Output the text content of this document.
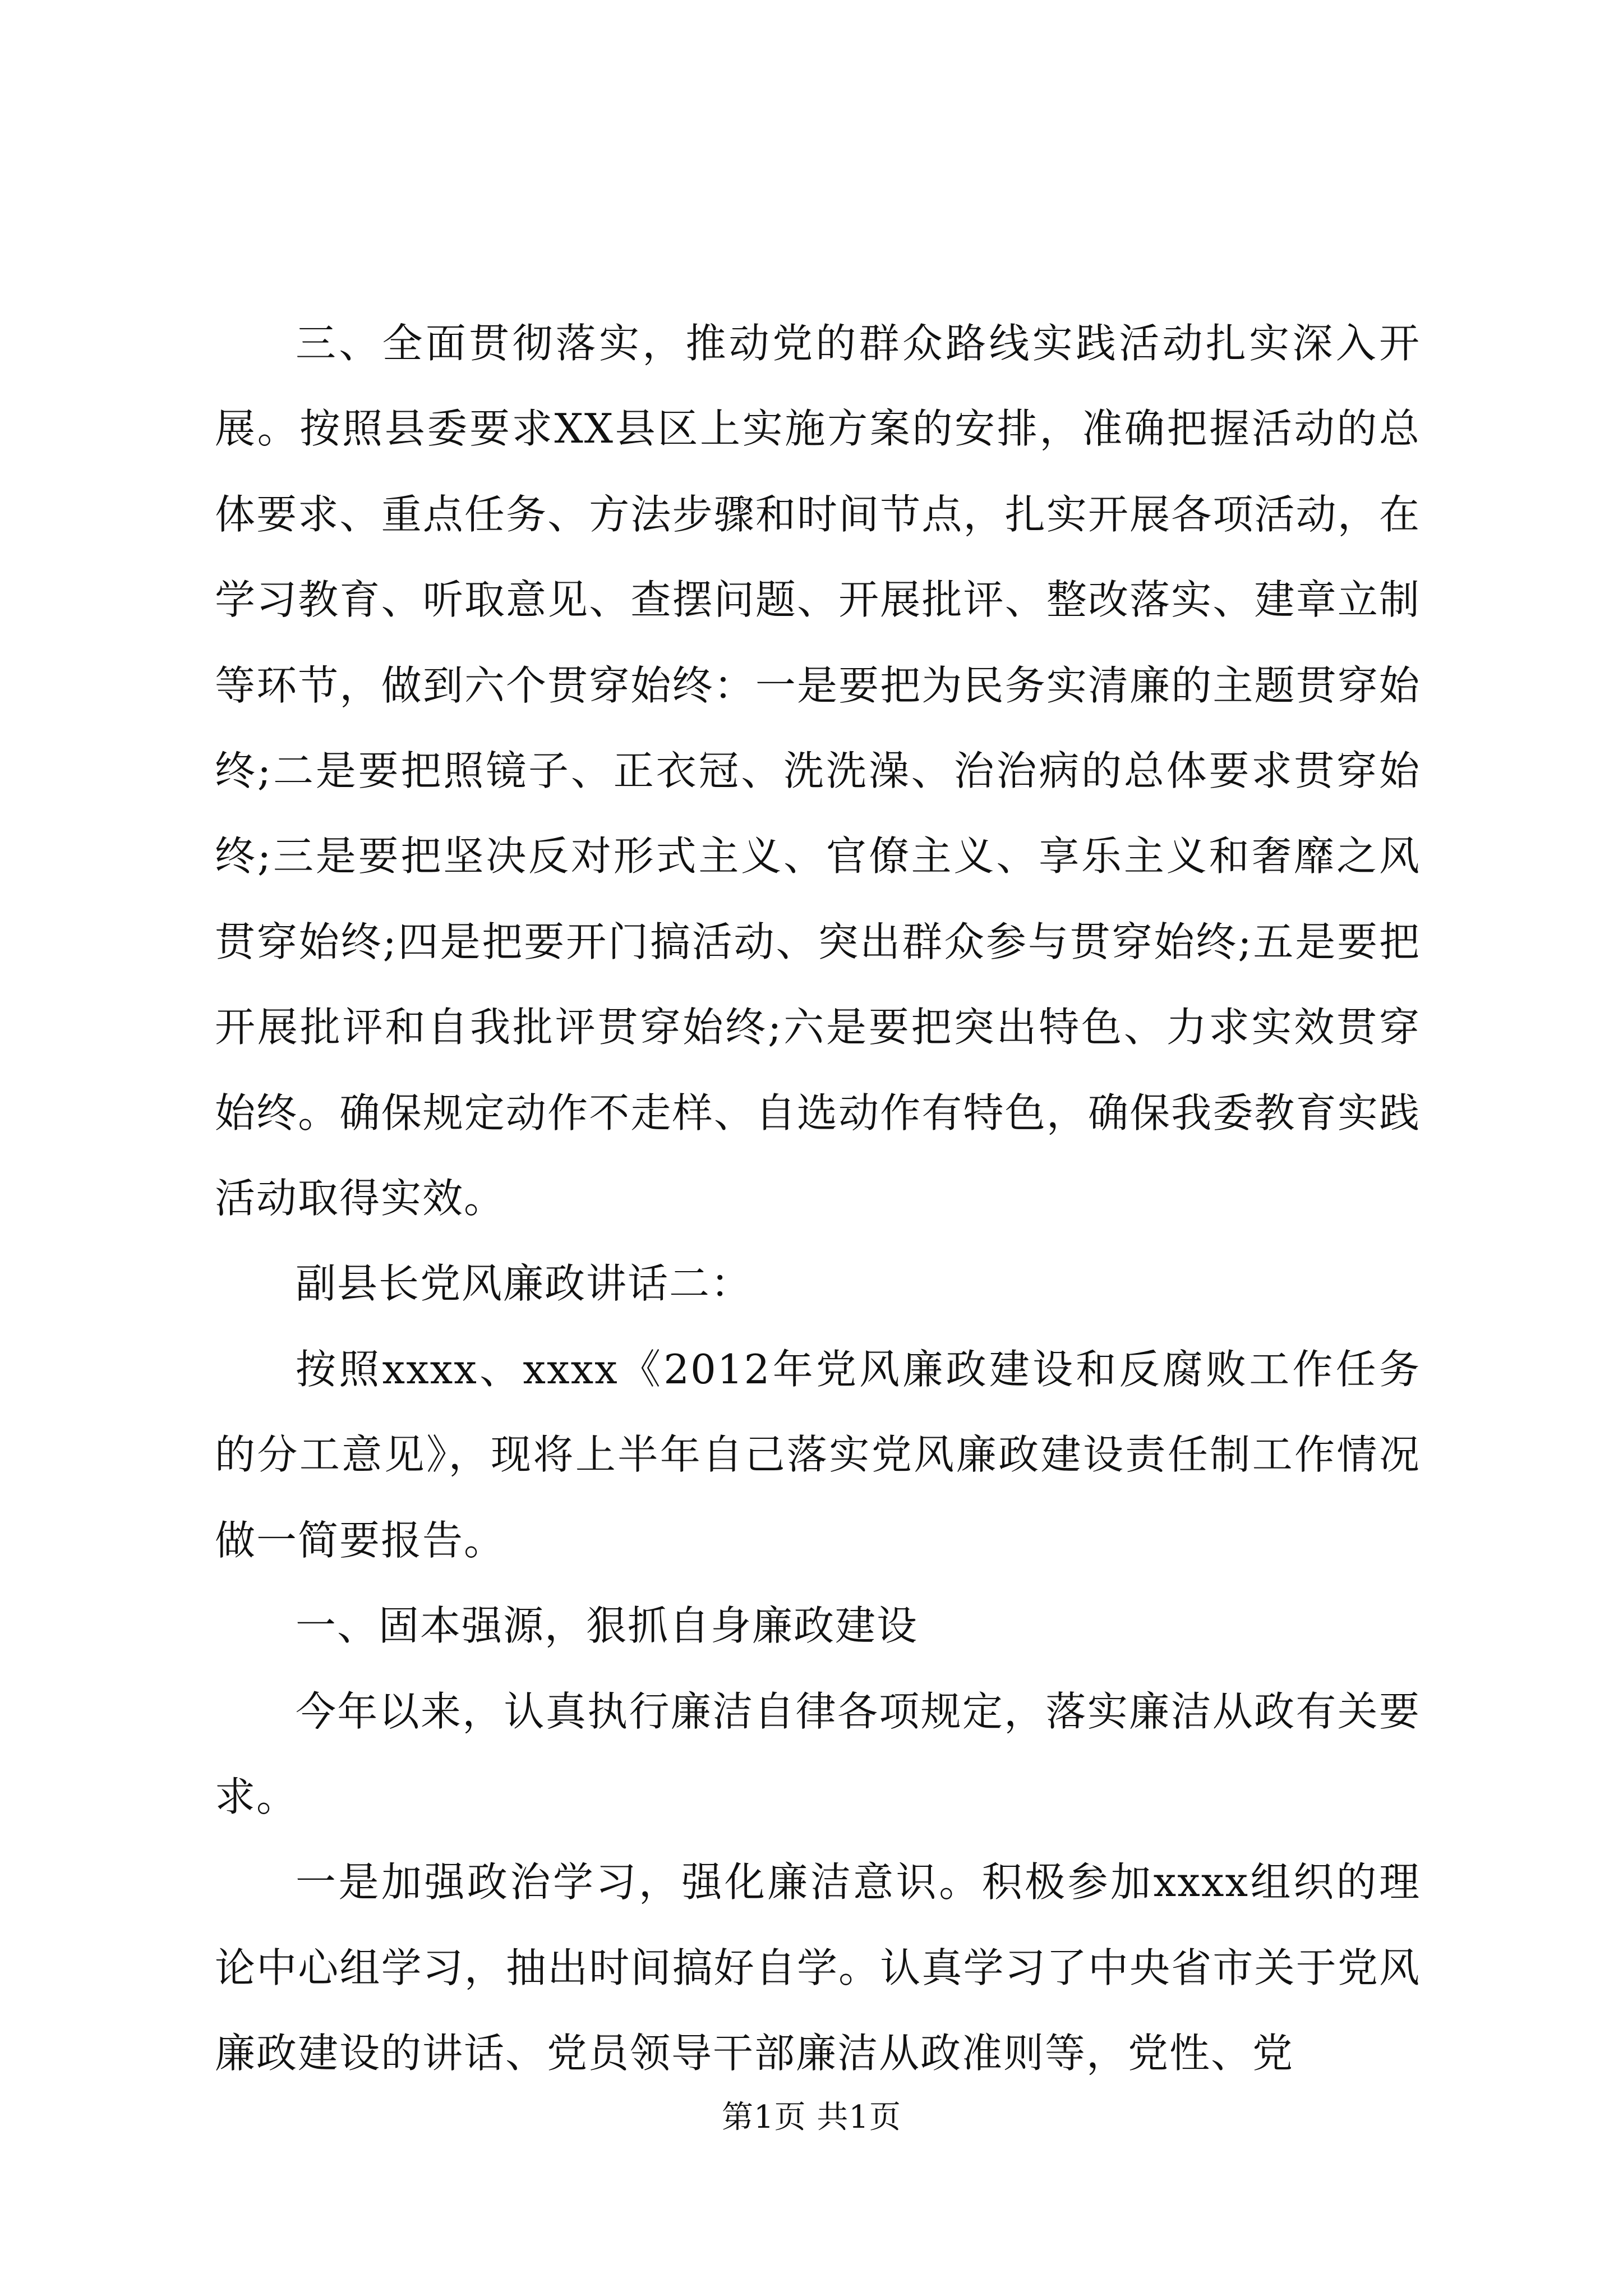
三、全面贯彻落实，推动党的群众路线实践活动扎实深入开展。按照县委要求XX县区上实施方案的安排，准确把握活动的总体要求、重点任务、方法步骤和时间节点，扎实开展各项活动，在学习教育、听取意见、查摆问题、开展批评、整改落实、建章立制等环节，做到六个贯穿始终：一是要把为民务实清廉的主题贯穿始终;二是要把照镜子、正衣冠、洗洗澡、治治病的总体要求贯穿始终;三是要把坚决反对形式主义、官僚主义、享乐主义和奢靡之风贯穿始终;四是把要开门搞活动、突出群众参与贯穿始终;五是要把开展批评和自我批评贯穿始终;六是要把突出特色、力求实效贯穿始终。确保规定动作不走样、自选动作有特色，确保我委教育实践活动取得实效。

副县长党风廉政讲话二：

按照xxxx、xxxx《2012年党风廉政建设和反腐败工作任务的分工意见》，现将上半年自己落实党风廉政建设责任制工作情况做一简要报告。

一、固本强源，狠抓自身廉政建设

今年以来，认真执行廉洁自律各项规定，落实廉洁从政有关要求。

一是加强政治学习，强化廉洁意识。积极参加xxxx组织的理论中心组学习，抽出时间搞好自学。认真学习了中央省市关于党风廉政建设的讲话、党员领导干部廉洁从政准则等，党性、党

第1页 共1页
